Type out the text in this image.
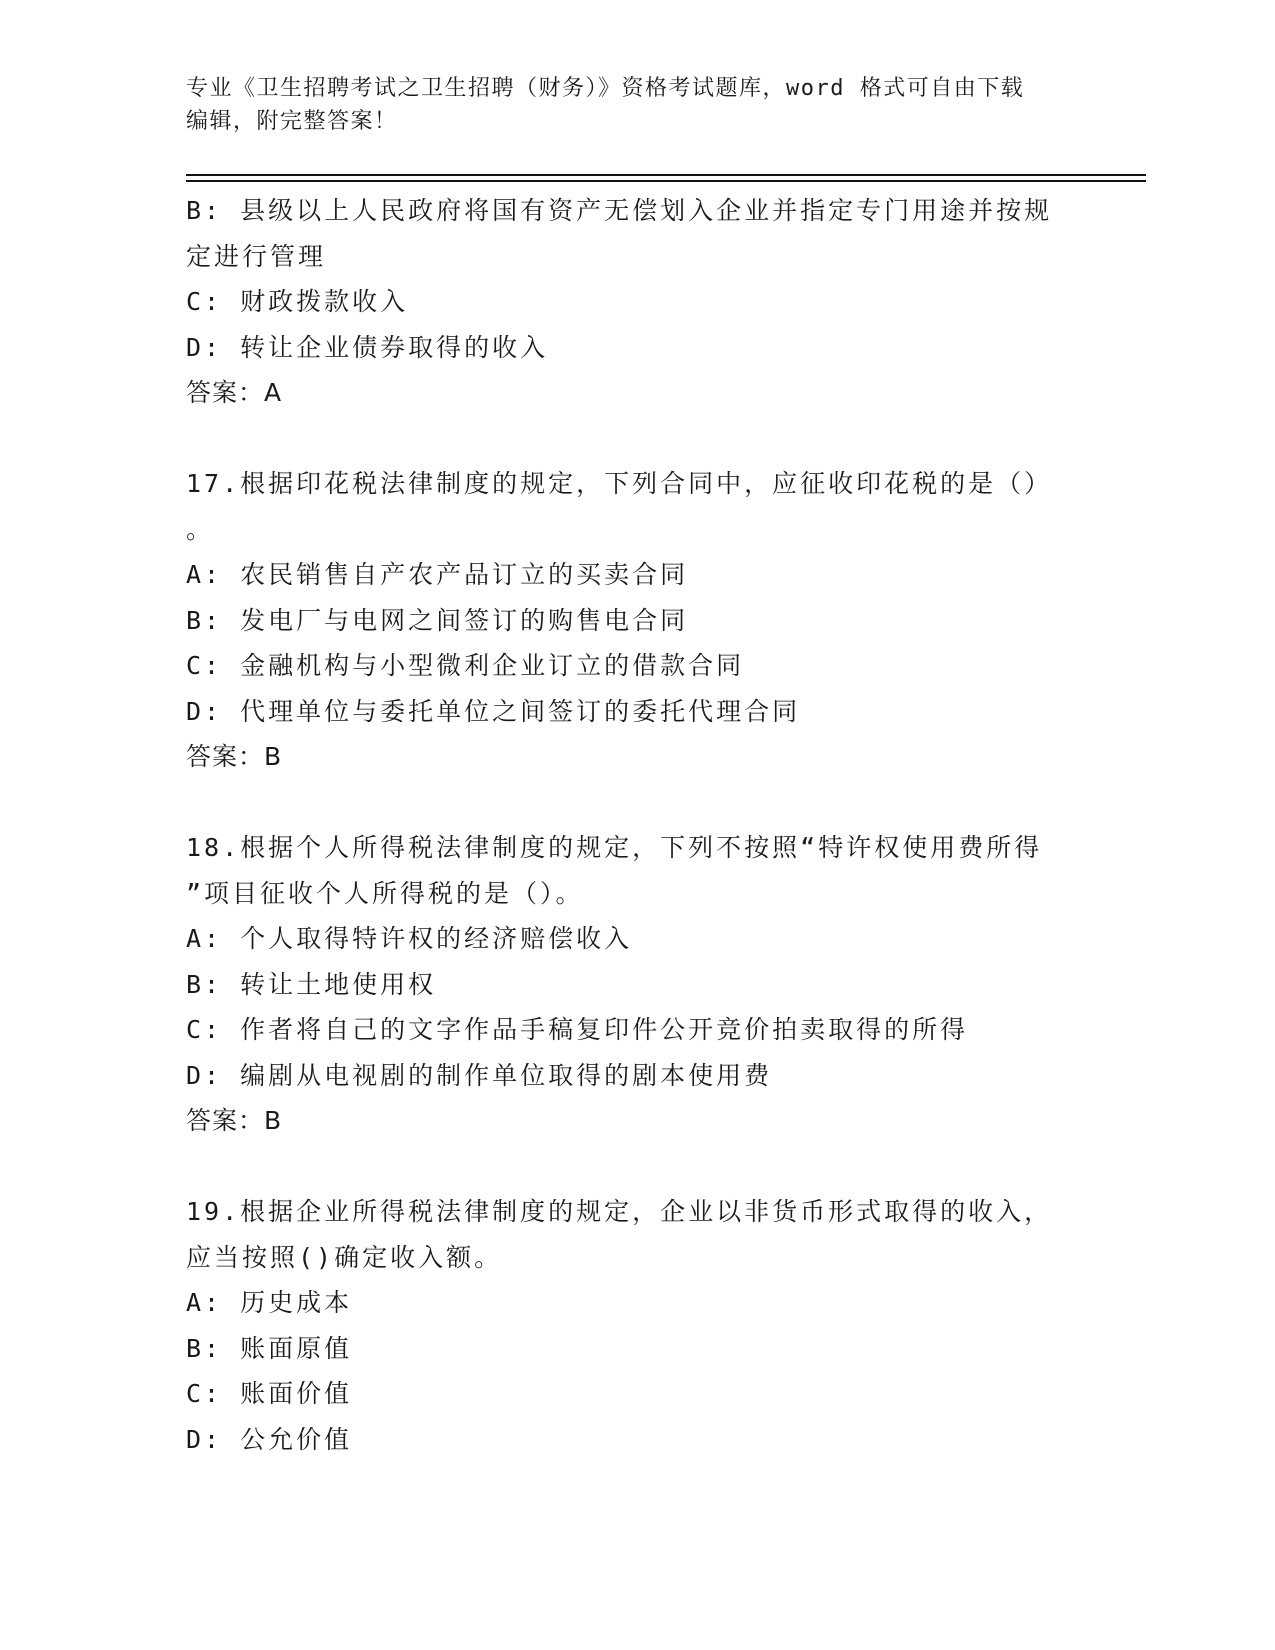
专业《卫生招聘考试之卫生招聘（财务）》资格考试题库，word 格式可自由下载
编辑，附完整答案！
B: 县级以上人民政府将国有资产无偿划入企业并指定专门用途并按规
定进行管理
C: 财政拨款收入
D: 转让企业债券取得的收入
答案：A
17.根据印花税法律制度的规定，下列合同中，应征收印花税的是（）
。
A: 农民销售自产农产品订立的买卖合同
B: 发电厂与电网之间签订的购售电合同
C: 金融机构与小型微利企业订立的借款合同
D: 代理单位与委托单位之间签订的委托代理合同
答案：B
18.根据个人所得税法律制度的规定，下列不按照“特许权使用费所得
”项目征收个人所得税的是（）。
A: 个人取得特许权的经济赔偿收入
B: 转让土地使用权
C: 作者将自己的文字作品手稿复印件公开竞价拍卖取得的所得
D: 编剧从电视剧的制作单位取得的剧本使用费
答案：B
19.根据企业所得税法律制度的规定，企业以非货币形式取得的收入，
应当按照()确定收入额。
A: 历史成本
B: 账面原值
C: 账面价值
D: 公允价值
